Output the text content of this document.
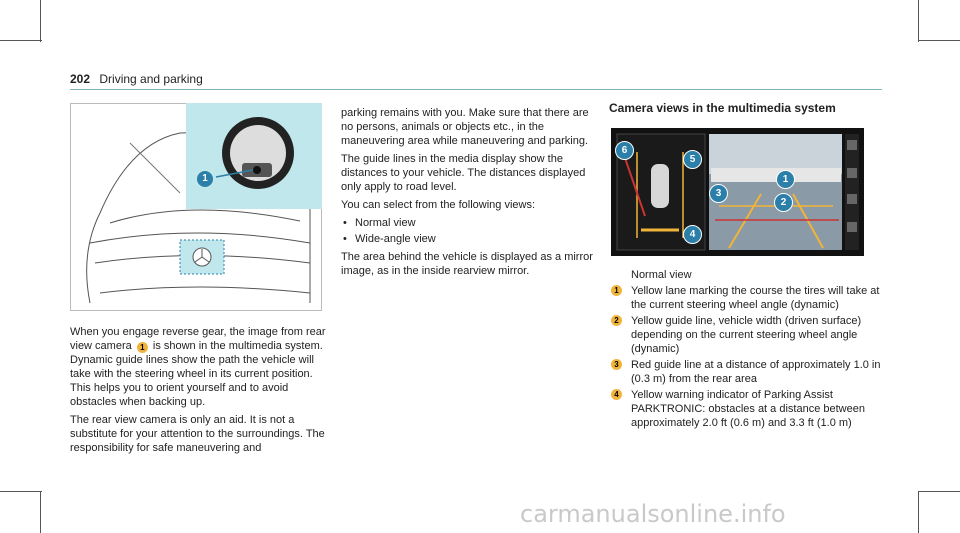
202 Driving and parking
1

When you engage reverse gear, the image from rear view camera 1 is shown in the multimedia system. Dynamic guide lines show the path the vehicle will take with the steering wheel in its current position. This helps you to orient yourself and to avoid obstacles when backing up.

The rear view camera is only an aid. It is not a substitute for your attention to the surroundings. The responsibility for safe maneuvering and

parking remains with you. Make sure that there are no persons, animals or objects etc., in the maneuvering area while maneuvering and parking.

The guide lines in the media display show the distances to your vehicle. The distances displayed only apply to road level.

You can select from the following views:

• Normal view
• Wide-angle view

The area behind the vehicle is displayed as a mirror image, as in the inside rearview mirror.

Camera views in the multimedia system
6
5
1
3
2
4
Normal view
1 Yellow lane marking the course the tires will take at the current steering wheel angle (dynamic)
2 Yellow guide line, vehicle width (driven surface) depending on the current steering wheel angle (dynamic)
3 Red guide line at a distance of approximately 1.0 in (0.3 m) from the rear area
4 Yellow warning indicator of Parking Assist PARKTRONIC: obstacles at a distance between approximately 2.0 ft (0.6 m) and 3.3 ft (1.0 m)
carmanualsonline.info
